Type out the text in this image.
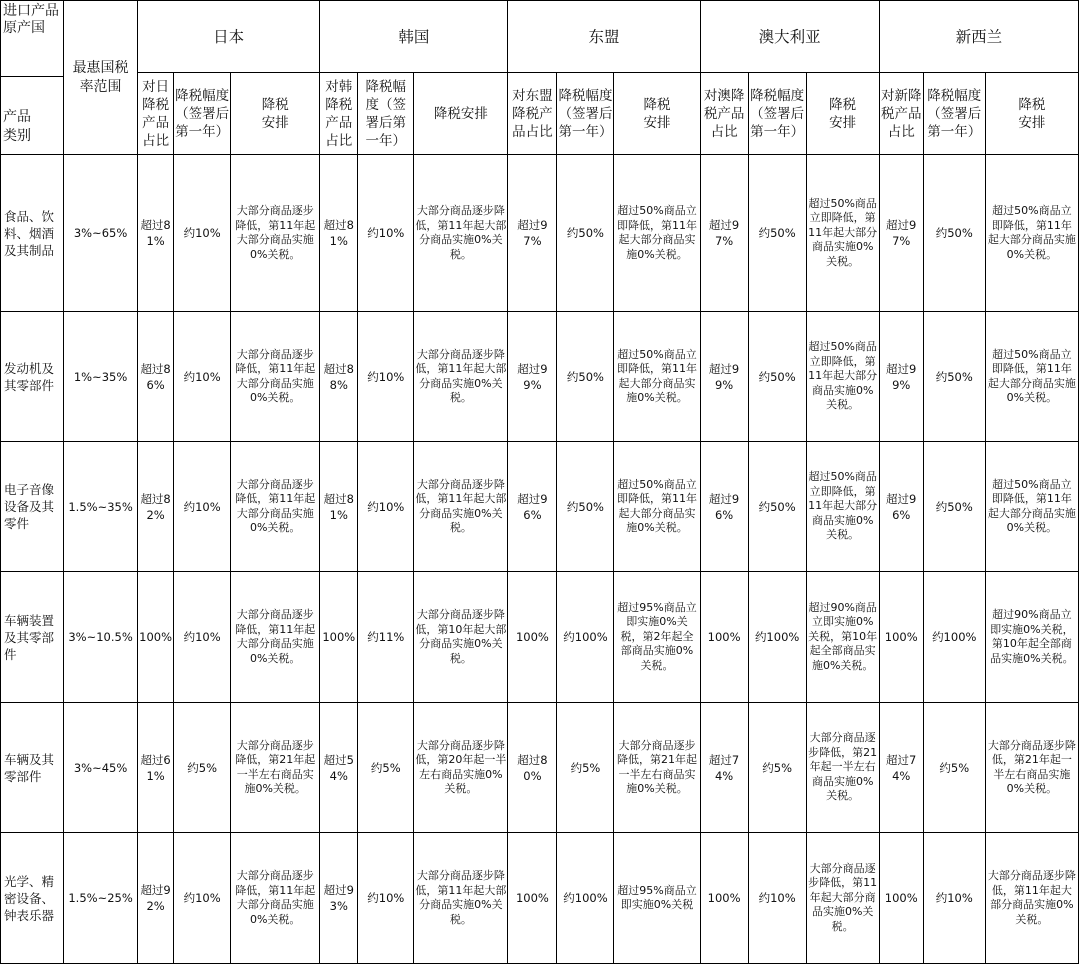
进口产品原产国
产品类别	最惠国税率范围	日本			韩国			东盟			澳大利亚			新西兰		
		对日降税产品占比	降税幅度（签署后第一年）	降税安排	对韩降税产品占比	降税幅度（签署后第一年）	降税安排	对东盟降税产品占比	降税幅度（签署后第一年）	降税安排	对澳降税产品占比	降税幅度（签署后第一年）	降税安排	对新降税产品占比	降税幅度（签署后第一年）	降税安排
食品、饮料、烟酒及其制品	3%~65%	超过81%	约10%	大部分商品逐步降低，第11年起大部分商品实施0%关税。	超过81%	约10%	大部分商品逐步降低，第11年起大部分商品实施0%关税。	超过97%	约50%	超过50%商品立即降低，第11年起大部分商品实施0%关税。	超过97%	约50%	超过50%商品立即降低，第11年起大部分商品实施0%关税。	超过97%	约50%	超过50%商品立即降低，第11年起大部分商品实施0%关税。
发动机及其零部件	1%~35%	超过86%	约10%	大部分商品逐步降低，第11年起大部分商品实施0%关税。	超过88%	约10%	大部分商品逐步降低，第11年起大部分商品实施0%关税。	超过99%	约50%	超过50%商品立即降低，第11年起大部分商品实施0%关税。	超过99%	约50%	超过50%商品立即降低，第11年起大部分商品实施0%关税。	超过99%	约50%	超过50%商品立即降低，第11年起大部分商品实施0%关税。
电子音像设备及其零件	1.5%~35%	超过82%	约10%	大部分商品逐步降低，第11年起大部分商品实施0%关税。	超过81%	约10%	大部分商品逐步降低，第11年起大部分商品实施0%关税。	超过96%	约50%	超过50%商品立即降低，第11年起大部分商品实施0%关税。	超过96%	约50%	超过50%商品立即降低，第11年起大部分商品实施0%关税。	超过96%	约50%	超过50%商品立即降低，第11年起大部分商品实施0%关税。
车辆装置及其零部件	3%~10.5%	100%	约10%	大部分商品逐步降低，第11年起大部分商品实施0%关税。	100%	约11%	大部分商品逐步降低，第10年起大部分商品实施0%关税。	100%	约100%	超过95%商品立即实施0%关税，第2年起全部商品实施0%关税。	100%	约100%	超过90%商品立即实施0%关税，第10年起全部商品实施0%关税。	100%	约100%	超过90%商品立即实施0%关税，第10年起全部商品实施0%关税。
车辆及其零部件	3%~45%	超过61%	约5%	大部分商品逐步降低，第21年起一半左右商品实施0%关税。	超过54%	约5%	大部分商品逐步降低，第20年起一半左右商品实施0%关税。	超过80%	约5%	大部分商品逐步降低，第21年起一半左右商品实施0%关税。	超过74%	约5%	大部分商品逐步降低，第21年起一半左右商品实施0%关税。	超过74%	约5%	大部分商品逐步降低，第21年起一半左右商品实施0%关税。
光学、精密设备、钟表乐器	1.5%~25%	超过92%	约10%	大部分商品逐步降低，第11年起大部分商品实施0%关税。	超过93%	约10%	大部分商品逐步降低，第11年起大部分商品实施0%关税。	100%	约100%	超过95%商品立即实施0%关税	100%	约10%	大部分商品逐步降低，第11年起大部分商品实施0%关税。	100%	约10%	大部分商品逐步降低，第11年起大部分商品实施0%关税。
